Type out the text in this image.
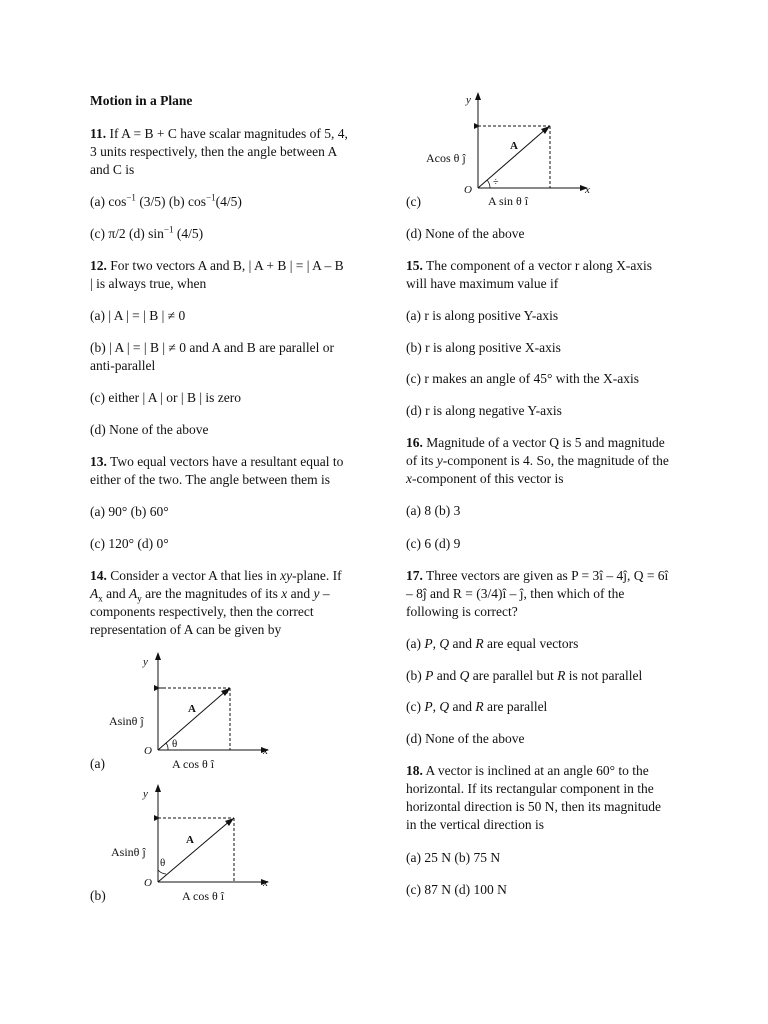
Motion in a Plane
11. If A = B + C have scalar magnitudes of 5, 4,
3 units respectively, then the angle between A
and C is
(a) $\cos^{-1} (3/5)$ (b) $\cos^{-1}(4/5)$
(c) π/2 (d) $\sin^{-1} (4/5)$
12. For two vectors A and B, | A + B | = | A – B
| is always true, when
(a) | A | = | B | ≠ 0
(b) | A | = | B | ≠ 0 and A and B are parallel or
anti-parallel
(c) either | A | or | B | is zero
(d) None of the above
13. Two equal vectors have a resultant equal to
either of the two. The angle between them is
(a) 90° (b) 60°
(c) 120° (d) 0°
14. Consider a vector A that lies in xy-plane. If
$A_x$ and $A_y$ are the magnitudes of its x and y –
components respectively, then the correct
representation of A can be given by
(a)
(b)
y
x
O
A
θ
Asinθ ĵ
A cos θ î
y
x
O
A
θ
Asinθ ĵ
A cos θ î
(c)
(d) None of the above
15. The component of a vector r along X-axis
will have maximum value if
(a) r is along positive Y-axis
(b) r is along positive X-axis
(c) r makes an angle of 45° with the X-axis
(d) r is along negative Y-axis
16. Magnitude of a vector Q is 5 and magnitude
of its y-component is 4. So, the magnitude of the
x-component of this vector is
(a) 8 (b) 3
(c) 6 (d) 9
17. Three vectors are given as P = 3î – 4ĵ, Q = 6î
– 8ĵ and R = (3/4)î – ĵ, then which of the
following is correct?
(a) P, Q and R are equal vectors
(b) P and Q are parallel but R is not parallel
(c) P, Q and R are parallel
(d) None of the above
18. A vector is inclined at an angle 60° to the
horizontal. If its rectangular component in the
horizontal direction is 50 N, then its magnitude
in the vertical direction is
(a) 25 N (b) 75 N
(c) 87 N (d) 100 N
y
x
O
A
÷
Acos θ ĵ
A sin θ î
